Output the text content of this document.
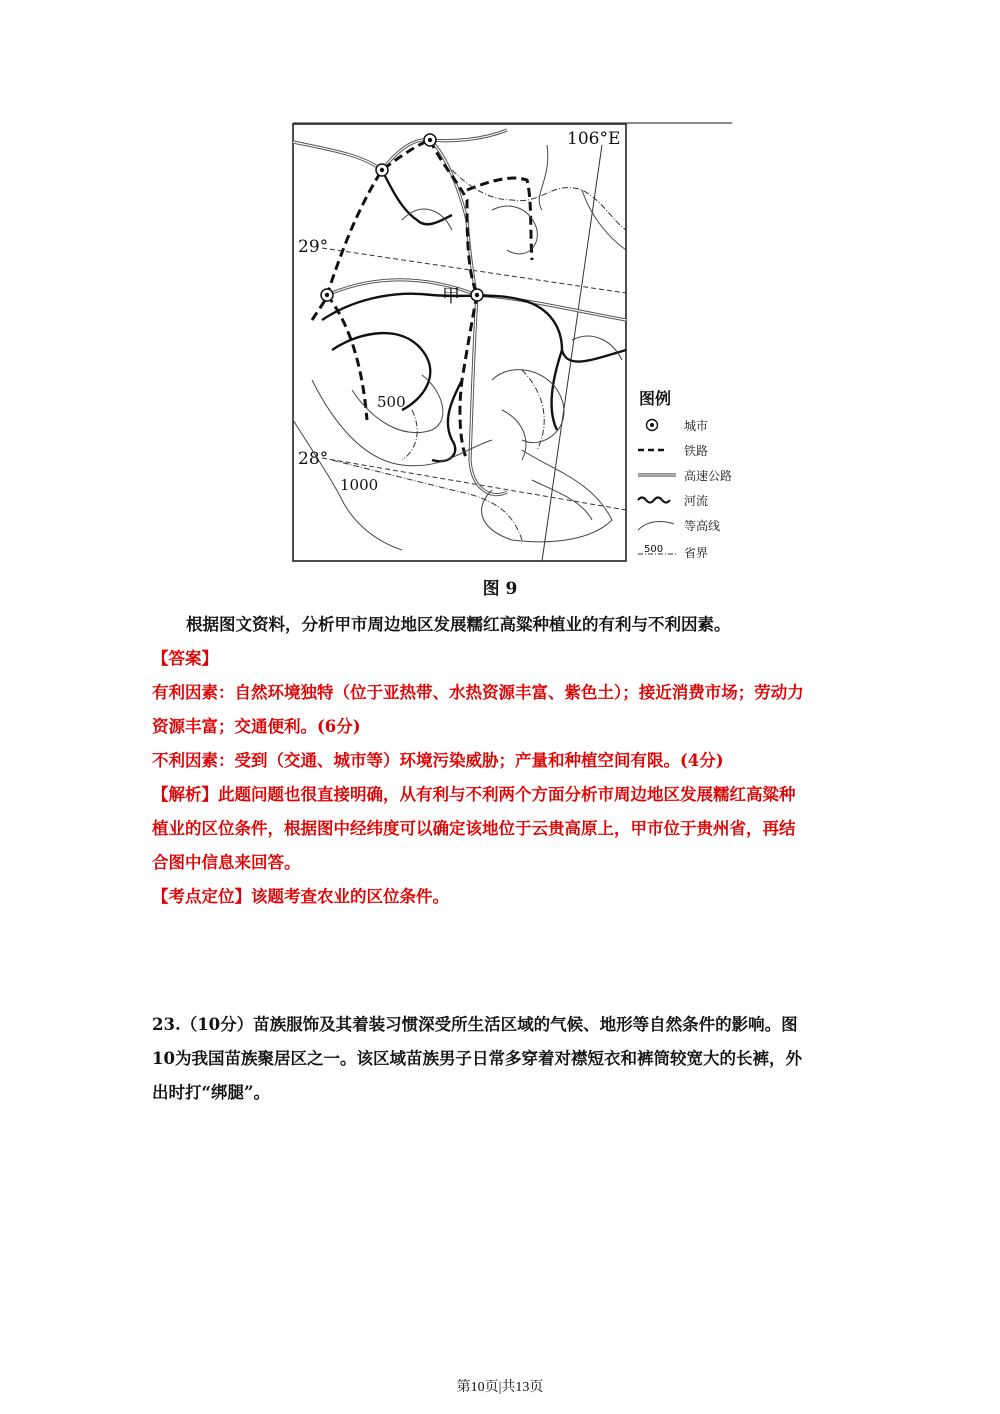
106°E
29°
28°
500
1000
甲
图例
城市
铁路
高速公路
河流
等高线
500 省界
图 9
根据图文资料，分析甲市周边地区发展糯红高粱种植业的有利与不利因素。
【答案】
有利因素：自然环境独特（位于亚热带、水热资源丰富、紫色土）；接近消费市场；劳动力
资源丰富；交通便利。(6分)
不利因素：受到（交通、城市等）环境污染威胁；产量和种植空间有限。(4分)
【解析】此题问题也很直接明确，从有利与不利两个方面分析市周边地区发展糯红高粱种
植业的区位条件，根据图中经纬度可以确定该地位于云贵高原上，甲市位于贵州省，再结
合图中信息来回答。
【考点定位】该题考查农业的区位条件。
23.（10分）苗族服饰及其着装习惯深受所生活区域的气候、地形等自然条件的影响。图
10为我国苗族聚居区之一。该区域苗族男子日常多穿着对襟短衣和裤筒较宽大的长裤，外
出时打“绑腿”。
第10页|共13页
